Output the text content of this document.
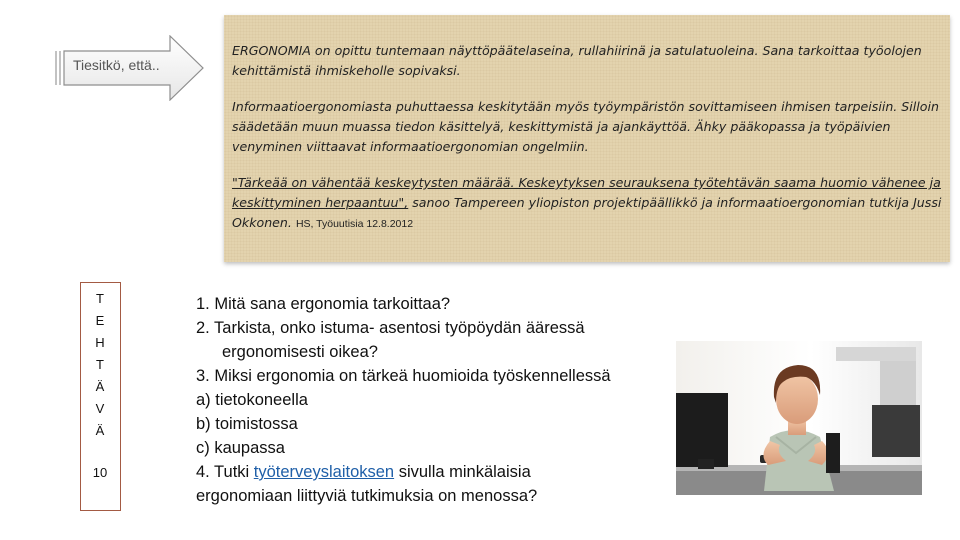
Tiesitkö, että..

ERGONOMIA on opittu tuntemaan näyttöpäätelaseina, rullahiirinä ja satulatuoleina. Sana tarkoittaa työolojen kehittämistä ihmiskeholle sopivaksi.

Informaatioergonomiasta puhuttaessa keskitytään myös työympäristön sovittamiseen ihmisen tarpeisiin. Silloin säädetään muun muassa tiedon käsittelyä, keskittymistä ja ajankäyttöä. Ähky pääkopassa ja työpäivien venyminen viittaavat informaatioergonomian ongelmiin.

"Tärkeää on vähentää keskeytysten määrää. Keskeytyksen seurauksena työtehtävän saama huomio vähenee ja keskittyminen herpaantuu", sanoo Tampereen yliopiston projektipäällikkö ja informaatioergonomian tutkija Jussi Okkonen. HS, Työuutisia 12.8.2012

T
E
H
T
Ä
V
Ä
10
1. Mitä sana ergonomia tarkoittaa?
2. Tarkista, onko istuma- asentosi työpöydän ääressä
ergonomisesti oikea?
3. Miksi ergonomia on tärkeä huomioida työskennellessä
a) tietokoneella
b) toimistossa
c) kaupassa
4. Tutki työterveyslaitoksen sivulla minkälaisia
ergonomiaan liittyviä tutkimuksia on menossa?
